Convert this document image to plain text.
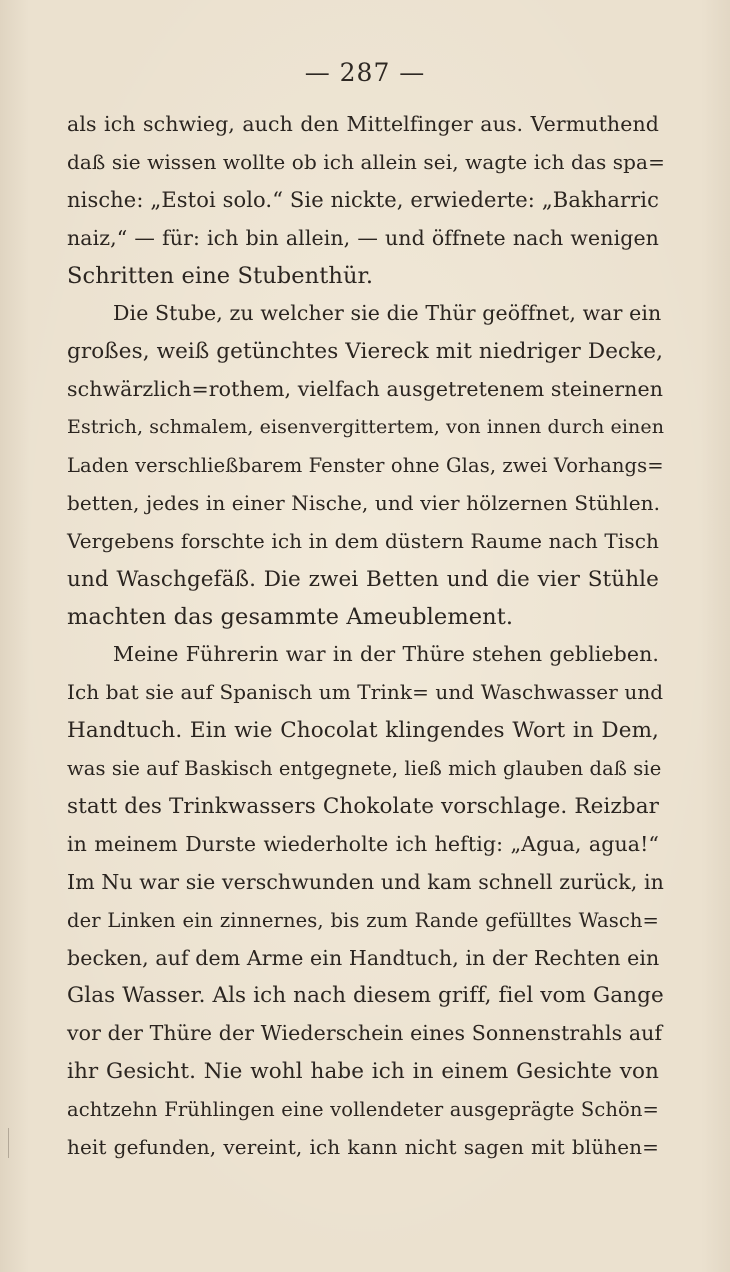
— 287 —
als ich schwieg, auch den Mittelfinger aus. Vermuthend
daß sie wissen wollte ob ich allein sei, wagte ich das spa=
nische: „Estoi solo.“ Sie nickte, erwiederte: „Bakharric
naiz,“ — für: ich bin allein, — und öffnete nach wenigen
Schritten eine Stubenthür.
Die Stube, zu welcher sie die Thür geöffnet, war ein
großes, weiß getünchtes Viereck mit niedriger Decke,
schwärzlich=rothem, vielfach ausgetretenem steinernen
Estrich, schmalem, eisenvergittertem, von innen durch einen
Laden verschließbarem Fenster ohne Glas, zwei Vorhangs=
betten, jedes in einer Nische, und vier hölzernen Stühlen.
Vergebens forschte ich in dem düstern Raume nach Tisch
und Waschgefäß. Die zwei Betten und die vier Stühle
machten das gesammte Ameublement.
Meine Führerin war in der Thüre stehen geblieben.
Ich bat sie auf Spanisch um Trink= und Waschwasser und
Handtuch. Ein wie Chocolat klingendes Wort in Dem,
was sie auf Baskisch entgegnete, ließ mich glauben daß sie
statt des Trinkwassers Chokolate vorschlage. Reizbar
in meinem Durste wiederholte ich heftig: „Agua, agua!“
Im Nu war sie verschwunden und kam schnell zurück, in
der Linken ein zinnernes, bis zum Rande gefülltes Wasch=
becken, auf dem Arme ein Handtuch, in der Rechten ein
Glas Wasser. Als ich nach diesem griff, fiel vom Gange
vor der Thüre der Wiederschein eines Sonnenstrahls auf
ihr Gesicht. Nie wohl habe ich in einem Gesichte von
achtzehn Frühlingen eine vollendeter ausgeprägte Schön=
heit gefunden, vereint, ich kann nicht sagen mit blühen=
